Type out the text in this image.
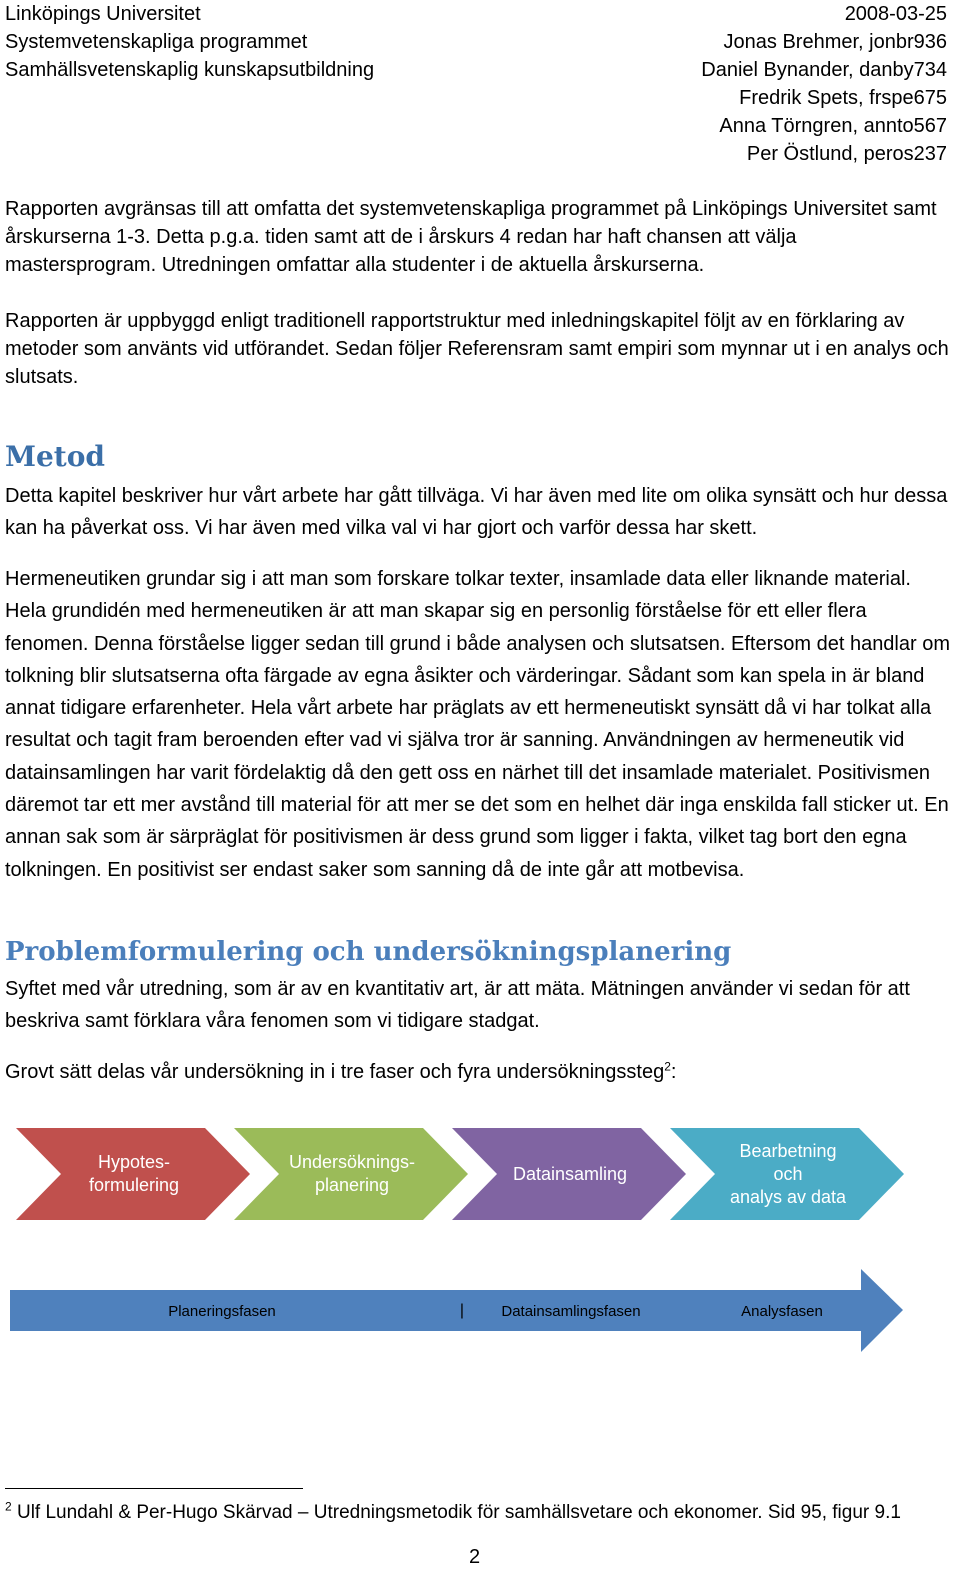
Linköpings Universitet
Systemvetenskapliga programmet
Samhällsvetenskaplig kunskapsutbildning
2008-03-25
Jonas Brehmer, jonbr936
Daniel Bynander, danby734
Fredrik Spets, frspe675
Anna Törngren, annto567
Per Östlund, peros237

Rapporten avgränsas till att omfatta det systemvetenskapliga programmet på Linköpings Universitet samt årskurserna 1-3. Detta p.g.a. tiden samt att de i årskurs 4 redan har haft chansen att välja mastersprogram. Utredningen omfattar alla studenter i de aktuella årskurserna.

Rapporten är uppbyggd enligt traditionell rapportstruktur med inledningskapitel följt av en förklaring av metoder som använts vid utförandet. Sedan följer Referensram samt empiri som mynnar ut i en analys och slutsats.

Metod

Detta kapitel beskriver hur vårt arbete har gått tillväga. Vi har även med lite om olika synsätt och hur dessa kan ha påverkat oss. Vi har även med vilka val vi har gjort och varför dessa har skett.

Hermeneutiken grundar sig i att man som forskare tolkar texter, insamlade data eller liknande material. Hela grundidén med hermeneutiken är att man skapar sig en personlig förståelse för ett eller flera fenomen. Denna förståelse ligger sedan till grund i både analysen och slutsatsen. Eftersom det handlar om tolkning blir slutsatserna ofta färgade av egna åsikter och värderingar. Sådant som kan spela in är bland annat tidigare erfarenheter. Hela vårt arbete har präglats av ett hermeneutiskt synsätt då vi har tolkat alla resultat och tagit fram beroenden efter vad vi själva tror är sanning. Användningen av hermeneutik vid datainsamlingen har varit fördelaktig då den gett oss en närhet till det insamlade materialet. Positivismen däremot tar ett mer avstånd till material för att mer se det som en helhet där inga enskilda fall sticker ut. En annan sak som är särpräglat för positivismen är dess grund som ligger i fakta, vilket tag bort den egna tolkningen. En positivist ser endast saker som sanning då de inte går att motbevisa.

Problemformulering och undersökningsplanering

Syftet med vår utredning, som är av en kvantitativ art, är att mäta. Mätningen använder vi sedan för att beskriva samt förklara våra fenomen som vi tidigare stadgat.

Grovt sätt delas vår undersökning in i tre faser och fyra undersökningssteg$^2$:

Hypotes-
formulering
Undersöknings-
planering
Datainsamling
Bearbetning
och
analys av data
Planeringsfasen	| Datainsamlingsfasen	Analysfasen
$^2$ Ulf Lundahl & Per-Hugo Skärvad – Utredningsmetodik för samhällsvetare och ekonomer. Sid 95, figur 9.1
2
